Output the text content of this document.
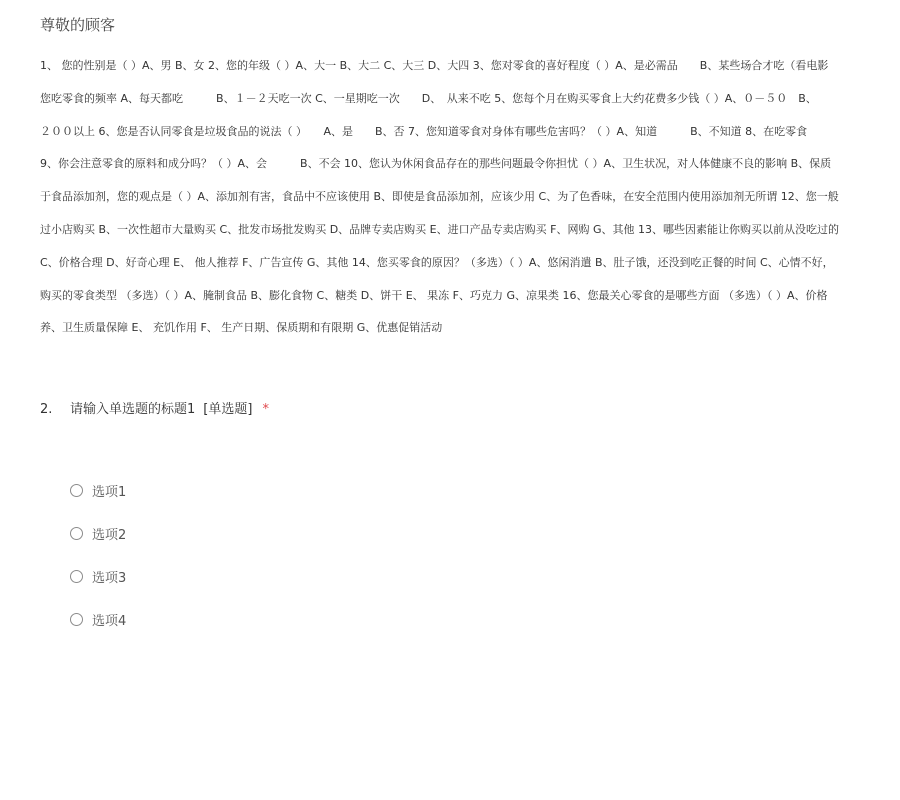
尊敬的顾客
1、 您的性别是（ ）A、男 B、女 2、您的年级（ ）A、大一 B、大二 C、大三 D、大四 3、您对零食的喜好程度（ ）A、是必需品　　B、某些场合才吃（看电影
您吃零食的频率 A、每天都吃　　　B、１－２天吃一次 C、一星期吃一次　　D、　从来不吃 5、您每个月在购买零食上大约花费多少钱（ ）A、０－５０　B、
２００以上 6、您是否认同零食是垃圾食品的说法（ ）　　A、是　　B、否 7、您知道零食对身体有哪些危害吗？（ ）A、知道　　　B、不知道 8、在吃零食
9、你会注意零食的原料和成分吗？（ ）A、会　　　B、不会 10、您认为休闲食品存在的那些问题最令你担忧（ ）A、卫生状况，对人体健康不良的影响 B、保质
于食品添加剂，您的观点是（ ）A、添加剂有害，食品中不应该使用 B、即使是食品添加剂，应该少用 C、为了色香味，在安全范围内使用添加剂无所谓 12、您一般
过小店购买 B、一次性超市大量购买 C、批发市场批发购买 D、品牌专卖店购买 E、进口产品专卖店购买 F、网购 G、其他 13、哪些因素能让你购买以前从没吃过的
C、价格合理 D、好奇心理 E、 他人推荐 F、广告宣传 G、其他 14、您买零食的原因？（多选）（ ）A、悠闲消遣 B、肚子饿，还没到吃正餐的时间 C、心情不好，
购买的零食类型 （多选）（ ）A、腌制食品 B、膨化食物 C、糖类 D、饼干 E、 果冻 F、巧克力 G、凉果类 16、您最关心零食的是哪些方面 （多选）（ ）A、价格
养、卫生质量保障 E、 充饥作用 F、 生产日期、保质期和有限期 G、优惠促销活动
2. 请输入单选题的标题1 [单选题] *
选项1
选项2
选项3
选项4
